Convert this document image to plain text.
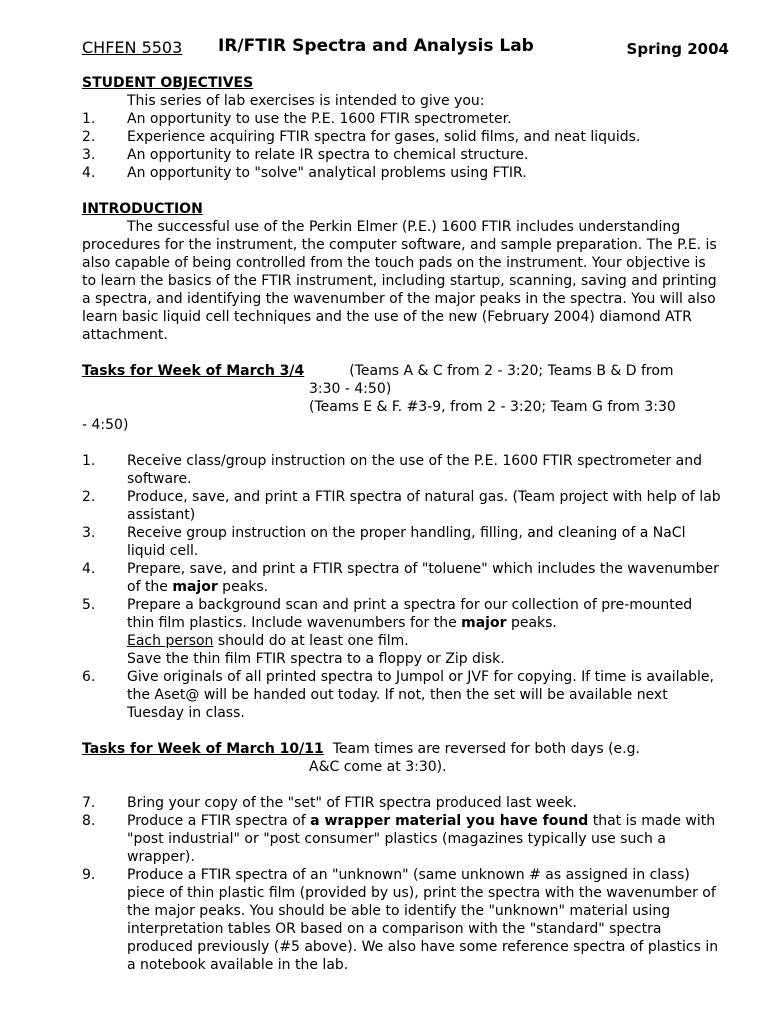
CHFEN 5503 IR/FTIR Spectra and Analysis Lab	Spring 2004
STUDENT OBJECTIVES
This series of lab exercises is intended to give you:
1. An opportunity to use the P.E. 1600 FTIR spectrometer.
2. Experience acquiring FTIR spectra for gases, solid films, and neat liquids.
3. An opportunity to relate IR spectra to chemical structure.
4. An opportunity to "solve" analytical problems using FTIR.
INTRODUCTION

The successful use of the Perkin Elmer (P.E.) 1600 FTIR includes understanding procedures for the instrument, the computer software, and sample preparation. The P.E. is also capable of being controlled from the touch pads on the instrument. Your objective is to learn the basics of the FTIR instrument, including startup, scanning, saving and printing a spectra, and identifying the wavenumber of the major peaks in the spectra. You will also learn basic liquid cell techniques and the use of the new (February 2004) diamond ATR attachment.

Tasks for Week of March 3/4	(Teams A & C from 2 - 3:20; Teams B & D from
3:30 - 4:50)
(Teams E & F. #3-9, from 2 - 3:20; Team G from 3:30
- 4:50)
1. Receive class/group instruction on the use of the P.E. 1600 FTIR spectrometer and software.
2. Produce, save, and print a FTIR spectra of natural gas. (Team project with help of lab assistant)
3. Receive group instruction on the proper handling, filling, and cleaning of a NaCl liquid cell.
4. Prepare, save, and print a FTIR spectra of "toluene" which includes the wavenumber of the major peaks.
5. Prepare a background scan and print a spectra for our collection of pre-mounted thin film plastics. Include wavenumbers for the major peaks.
Each person should do at least one film.
Save the thin film FTIR spectra to a floppy or Zip disk.
6. Give originals of all printed spectra to Jumpol or JVF for copying. If time is available, the Aset@ will be handed out today. If not, then the set will be available next Tuesday in class.
Tasks for Week of March 10/11 Team times are reversed for both days (e.g.
A&C come at 3:30).
7. Bring your copy of the "set" of FTIR spectra produced last week.
8. Produce a FTIR spectra of a wrapper material you have found that is made with "post industrial" or "post consumer" plastics (magazines typically use such a wrapper).
9. Produce a FTIR spectra of an "unknown" (same unknown # as assigned in class) piece of thin plastic film (provided by us), print the spectra with the wavenumber of the major peaks. You should be able to identify the "unknown" material using interpretation tables OR based on a comparison with the "standard" spectra produced previously (#5 above). We also have some reference spectra of plastics in a notebook available in the lab.
